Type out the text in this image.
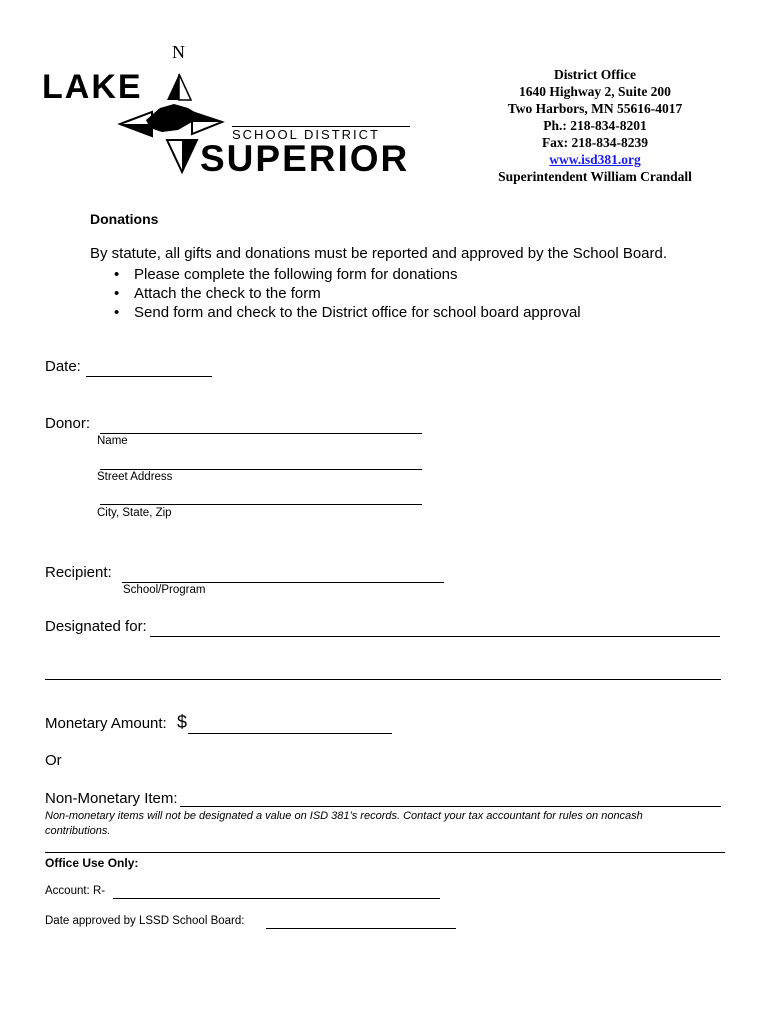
N
LAKE
SCHOOL DISTRICT
SUPERIOR
District Office
1640 Highway 2, Suite 200
Two Harbors, MN 55616-4017
Ph.: 218-834-8201
Fax: 218-834-8239
www.isd381.org
Superintendent William Crandall
Donations
By statute, all gifts and donations must be reported and approved by the School Board.
• Please complete the following form for donations
• Attach the check to the form
• Send form and check to the District office for school board approval
Date:
Donor:
Name
Street Address
City, State, Zip
Recipient:
School/Program
Designated for:
Monetary Amount: $
Or
Non-Monetary Item:
Non-monetary items will not be designated a value on ISD 381’s records. Contact your tax accountant for rules on noncash contributions.
Office Use Only:
Account: R-
Date approved by LSSD School Board:
